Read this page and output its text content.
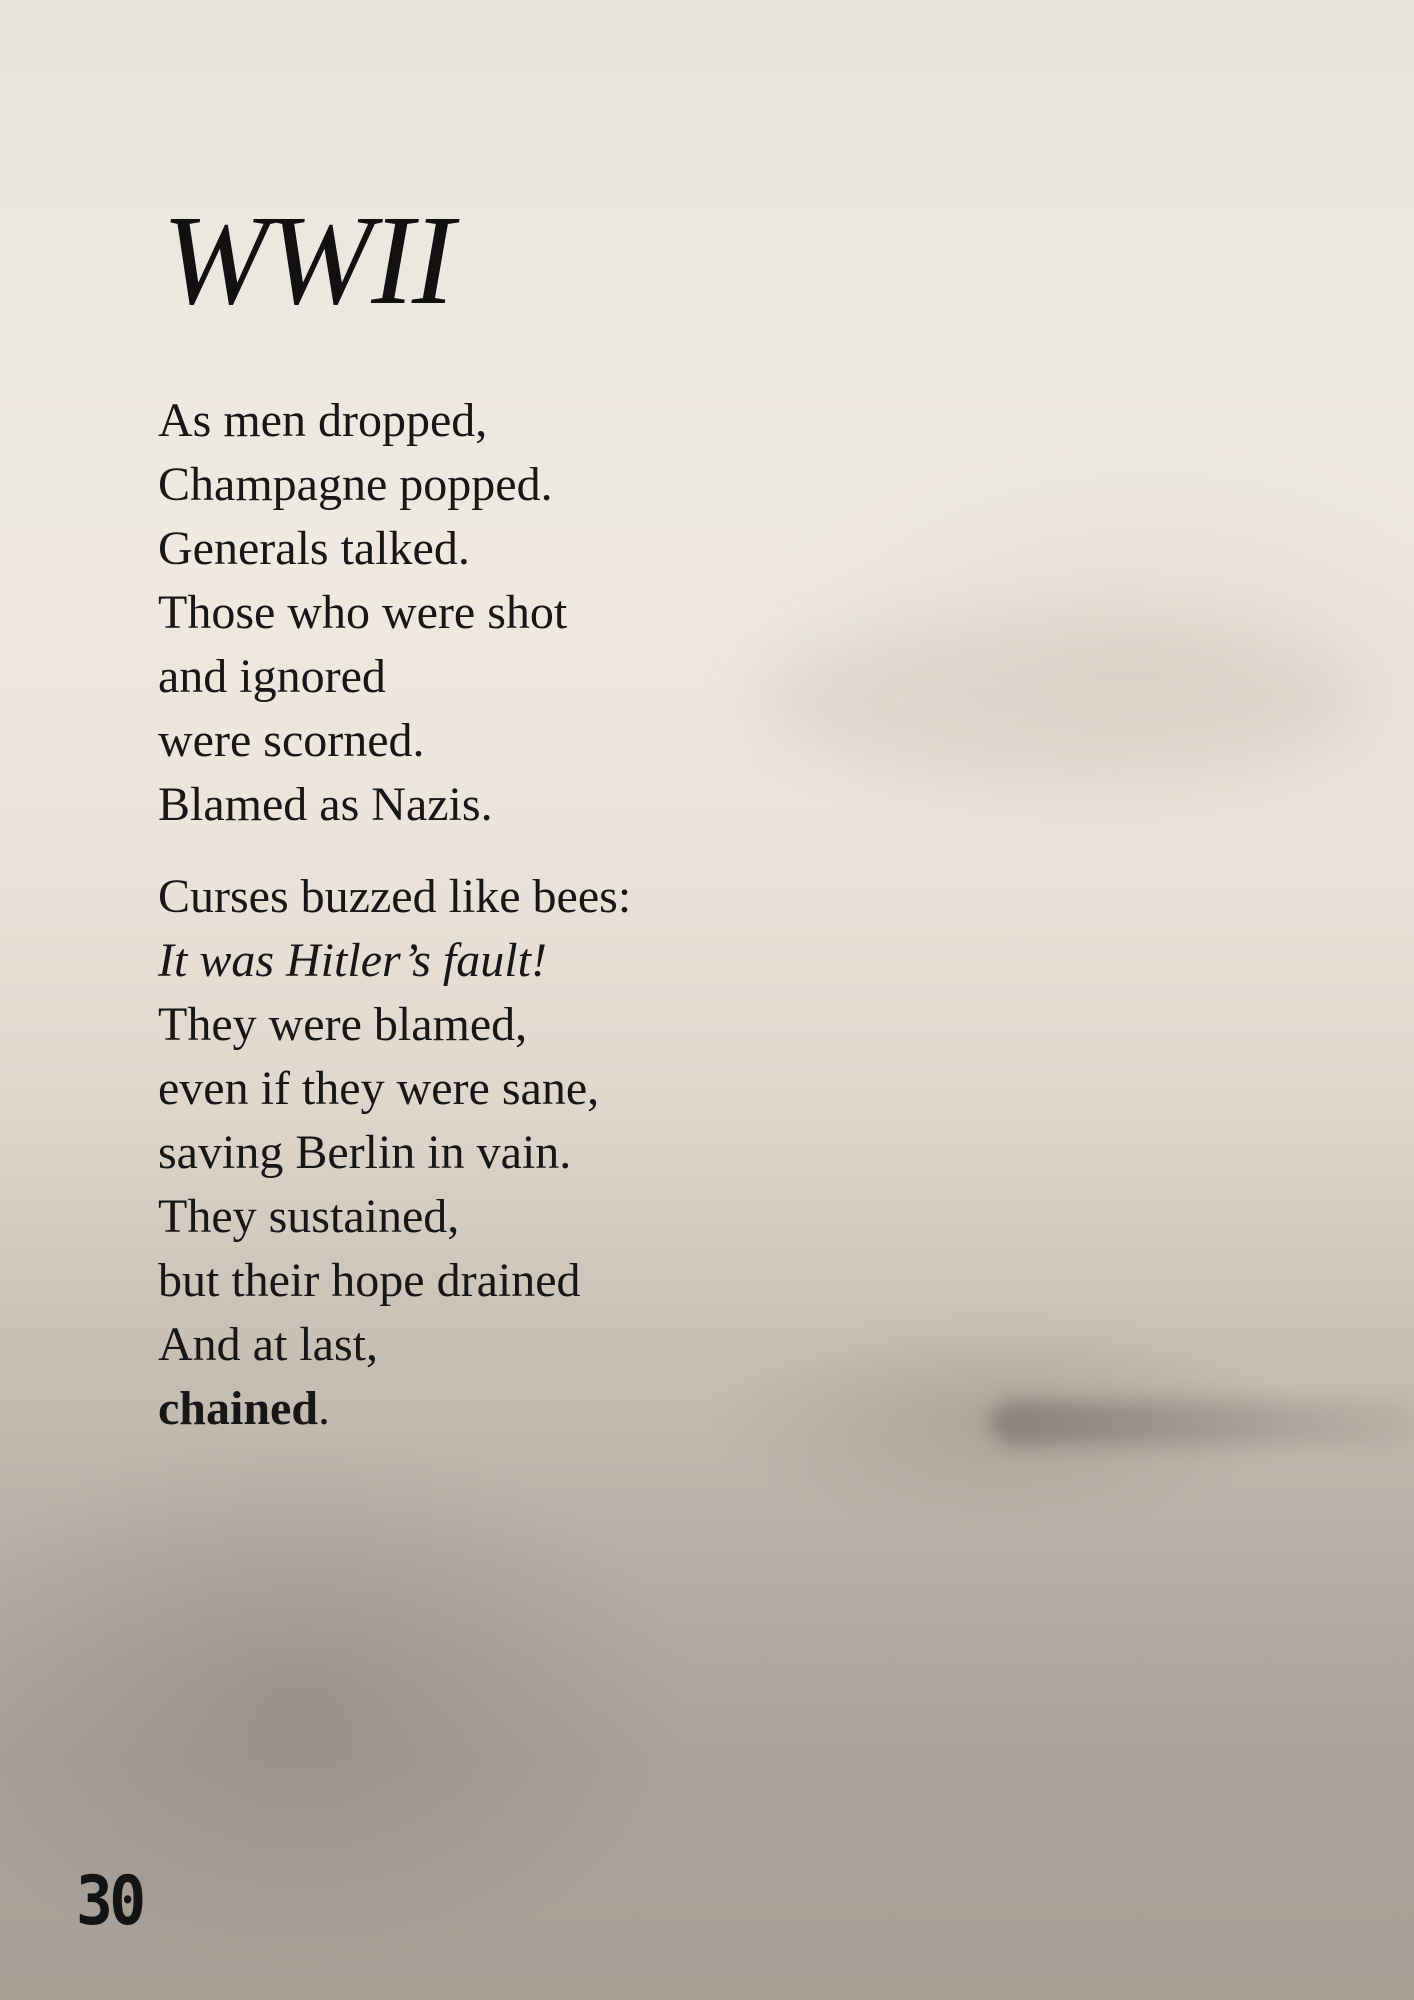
WWII

As men dropped,
Champagne popped.
Generals talked.
Those who were shot
and ignored
were scorned.
Blamed as Nazis.

Curses buzzed like bees:
It was Hitler’s fault!
They were blamed,
even if they were sane,
saving Berlin in vain.
They sustained,
but their hope drained
And at last,
chained.

30
